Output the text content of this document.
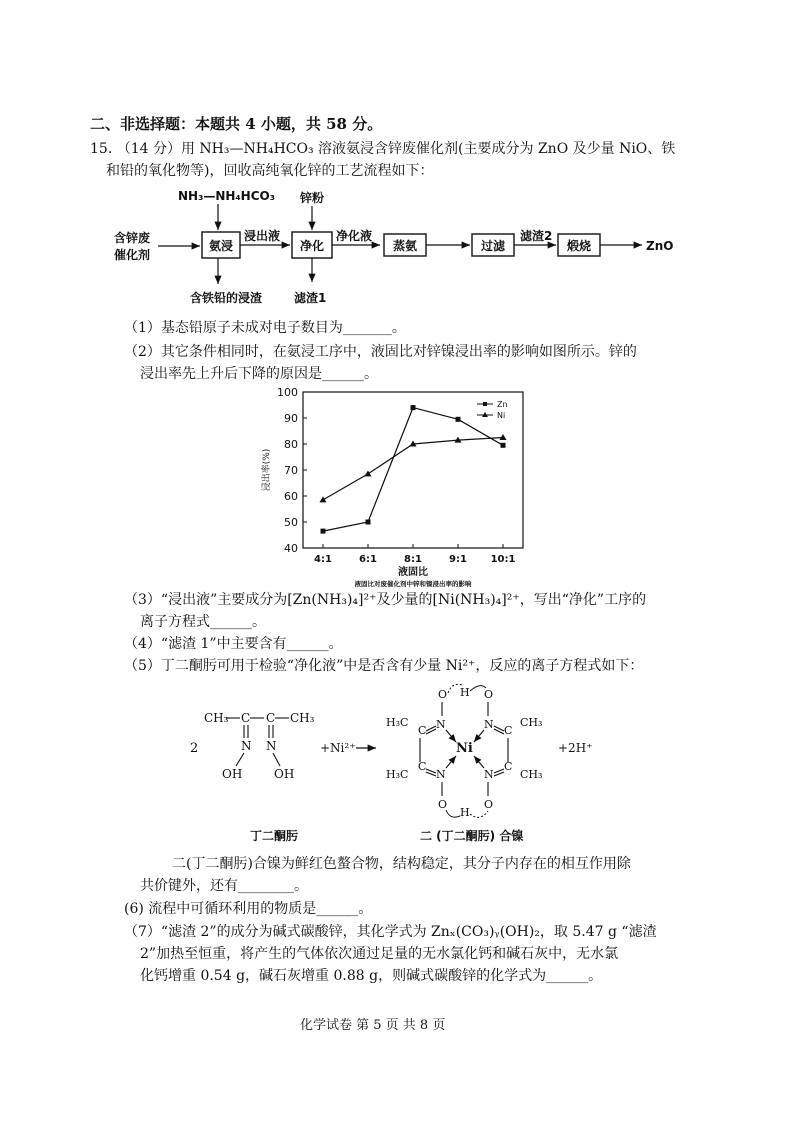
二、非选择题：本题共 4 小题，共 58 分。
15. （14 分）用 NH₃—NH₄HCO₃ 溶液氨浸含锌废催化剂(主要成分为 ZnO 及少量 NiO、铁
和铅的氧化物等)，回收高纯氧化锌的工艺流程如下：
含锌废
催化剂
NH₃—NH₄HCO₃
氨浸
含铁铅的浸渣
浸出液
锌粉
净化
滤渣1
净化液
蒸氨	过滤
滤渣2
煅烧	ZnO
（1）基态铅原子未成对电子数目为_______。
（2）其它条件相同时，在氨浸工序中，液固比对锌镍浸出率的影响如图所示。锌的
浸出率先上升后下降的原因是______。
40
50
60
70
80
90
100
4:1	6:1	8:1	9:1 10:1
浸出率(%)
液固比
液固比对废催化剂中锌和镍浸出率的影响
Zn
Ni
（3）“浸出液”主要成分为[Zn(NH₃)₄]²⁺及少量的[Ni(NH₃)₄]²⁺，写出“净化”工序的
离子方程式______。
（4）“滤渣 1”中主要含有______。
（5）丁二酮肟可用于检验“净化液”中是否含有少量 Ni²⁺，反应的离子方程式如下：
2
CH₃ C C CH₃
N N
OH	OH
+Ni²⁺
H
O	O
H₃C
C N	N C
CH₃
Ni
H₃C
C
N	N
C
CH₃
O	O
H
+2H⁺
丁二酮肟	二 (丁二酮肟) 合镍
二(丁二酮肟)合镍为鲜红色螯合物，结构稳定，其分子内存在的相互作用除
共价键外，还有________。
(6) 流程中可循环利用的物质是______。
（7）“滤渣 2”的成分为碱式碳酸锌，其化学式为 Znₓ(CO₃)ᵧ(OH)₂，取 5.47 g “滤渣
2”加热至恒重，将产生的气体依次通过足量的无水氯化钙和碱石灰中，无水氯
化钙增重 0.54 g，碱石灰增重 0.88 g，则碱式碳酸锌的化学式为______。
化学试卷 第 5 页 共 8 页
